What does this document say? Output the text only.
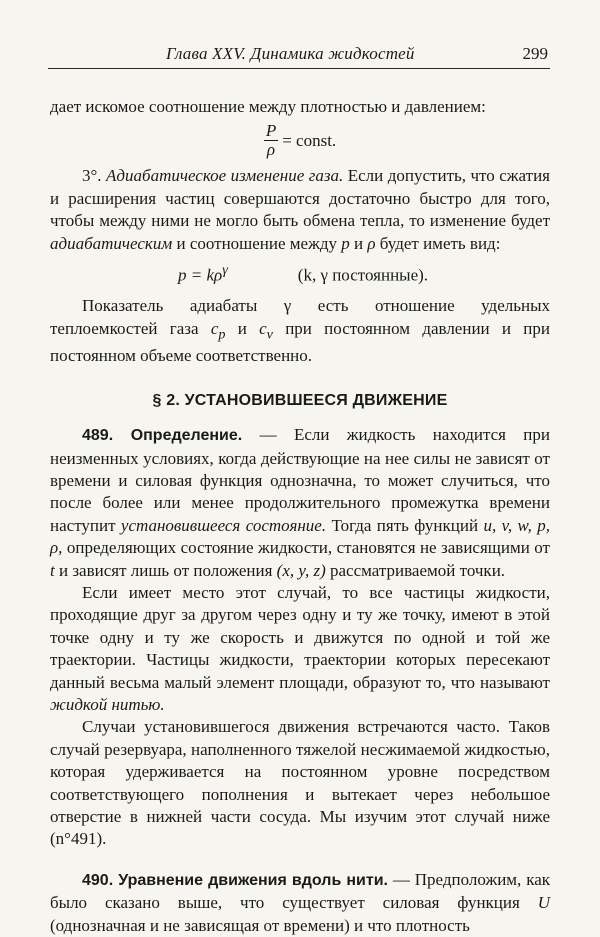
Глава XXV. Динамика жидкостей	299

дает искомое соотношение между плотностью и давлением:

$\frac{P}{\rho}$ = const.

3°. Адиабатическое изменение газа. Если допустить, что сжатия и расширения частиц совершаются достаточно быстро для того, чтобы между ними не могло быть обмена тепла, то изменение будет адиабатическим и соотношение между p и ρ будет иметь вид:

$p = k\rho^\gamma$	(k, γ постоянные).

Показатель адиабаты γ есть отношение удельных теплоемкостей газа $c_p$ и $c_v$ при постоянном давлении и при постоянном объеме соответственно.

§ 2. УСТАНОВИВШЕЕСЯ ДВИЖЕНИЕ

489. Определение. — Если жидкость находится при неизменных условиях, когда действующие на нее силы не зависят от времени и силовая функция однозначна, то может случиться, что после более или менее продолжительного промежутка времени наступит установившееся состояние. Тогда пять функций u, v, w, p, ρ, определяющих состояние жидкости, становятся не зависящими от t и зависят лишь от положения (x, y, z) рассматриваемой точки.

Если имеет место этот случай, то все частицы жидкости, проходящие друг за другом через одну и ту же точку, имеют в этой точке одну и ту же скорость и движутся по одной и той же траектории. Частицы жидкости, траектории которых пересекают данный весьма малый элемент площади, образуют то, что называют жидкой нитью.

Случаи установившегося движения встречаются часто. Таков случай резервуара, наполненного тяжелой несжимаемой жидкостью, которая удерживается на постоянном уровне посредством соответствующего пополнения и вытекает через небольшое отверстие в нижней части сосуда. Мы изучим этот случай ниже (n°491).

490. Уравнение движения вдоль нити. — Предположим, как было сказано выше, что существует силовая функция U (однозначная и не зависящая от времени) и что плотность
